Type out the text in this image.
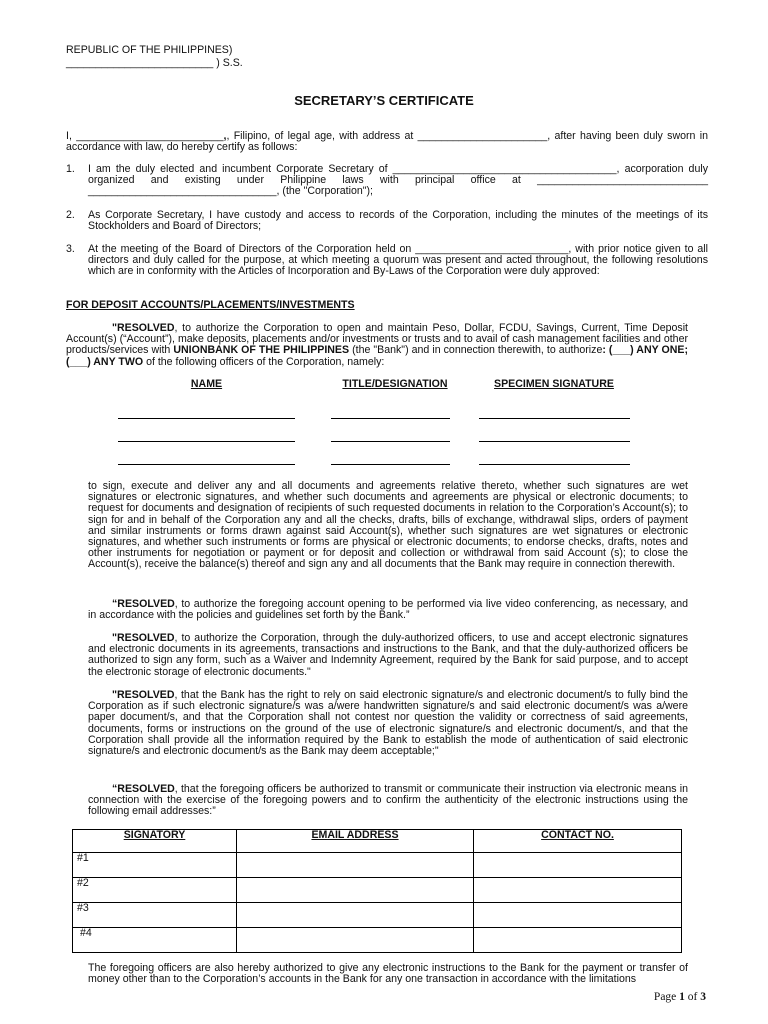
REPUBLIC OF THE PHILIPPINES)
_________________________ ) S.S.
SECRETARY’S CERTIFICATE
I, _________________________,, Filipino, of legal age, with address at ______________________, after having been duly sworn in accordance with law, do hereby certify as follows:
1. I am the duly elected and incumbent Corporate Secretary of ______________________________________, acorporation duly organized and existing under Philippine laws with principal office at _____________________________ ________________________________, (the "Corporation");
2. As Corporate Secretary, I have custody and access to records of the Corporation, including the minutes of the meetings of its Stockholders and Board of Directors;
3. At the meeting of the Board of Directors of the Corporation held on __________________________, with prior notice given to all directors and duly called for the purpose, at which meeting a quorum was present and acted throughout, the following resolutions which are in conformity with the Articles of Incorporation and By-Laws of the Corporation were duly approved:
FOR DEPOSIT ACCOUNTS/PLACEMENTS/INVESTMENTS
"RESOLVED, to authorize the Corporation to open and maintain Peso, Dollar, FCDU, Savings, Current, Time Deposit Account(s) (“Account”), make deposits, placements and/or investments or trusts and to avail of cash management facilities and other products/services with UNIONBANK OF THE PHILIPPINES (the "Bank") and in connection therewith, to authorize: (___) ANY ONE; (___) ANY TWO of the following officers of the Corporation, namely:
NAME	TITLE/DESIGNATION	SPECIMEN SIGNATURE
to sign, execute and deliver any and all documents and agreements relative thereto, whether such signatures are wet signatures or electronic signatures, and whether such documents and agreements are physical or electronic documents; to request for documents and designation of recipients of such requested documents in relation to the Corporation’s Account(s); to sign for and in behalf of the Corporation any and all the checks, drafts, bills of exchange, withdrawal slips, orders of payment and similar instruments or forms drawn against said Account(s), whether such signatures are wet signatures or electronic signatures, and whether such instruments or forms are physical or electronic documents; to endorse checks, drafts, notes and other instruments for negotiation or payment or for deposit and collection or withdrawal from said Account (s); to close the Account(s), receive the balance(s) thereof and sign any and all documents that the Bank may require in connection therewith.
“RESOLVED, to authorize the foregoing account opening to be performed via live video conferencing, as necessary, and in accordance with the policies and guidelines set forth by the Bank.”
"RESOLVED, to authorize the Corporation, through the duly-authorized officers, to use and accept electronic signatures and electronic documents in its agreements, transactions and instructions to the Bank, and that the duly-authorized officers be authorized to sign any form, such as a Waiver and Indemnity Agreement, required by the Bank for said purpose, and to accept the electronic storage of electronic documents."
"RESOLVED, that the Bank has the right to rely on said electronic signature/s and electronic document/s to fully bind the Corporation as if such electronic signature/s was a/were handwritten signature/s and said electronic document/s was a/were paper document/s, and that the Corporation shall not contest nor question the validity or correctness of said agreements, documents, forms or instructions on the ground of the use of electronic signature/s and electronic document/s, and that the Corporation shall provide all the information required by the Bank to establish the mode of authentication of said electronic signature/s and electronic document/s as the Bank may deem acceptable;"
“RESOLVED, that the foregoing officers be authorized to transmit or communicate their instruction via electronic means in connection with the exercise of the foregoing powers and to confirm the authenticity of the electronic instructions using the following email addresses:”
SIGNATORY	EMAIL ADDRESS	CONTACT NO.
#1		
#2		
#3		
#4		
The foregoing officers are also hereby authorized to give any electronic instructions to the Bank for the payment or transfer of money other than to the Corporation’s accounts in the Bank for any one transaction in accordance with the limitations
Page 1 of 3
